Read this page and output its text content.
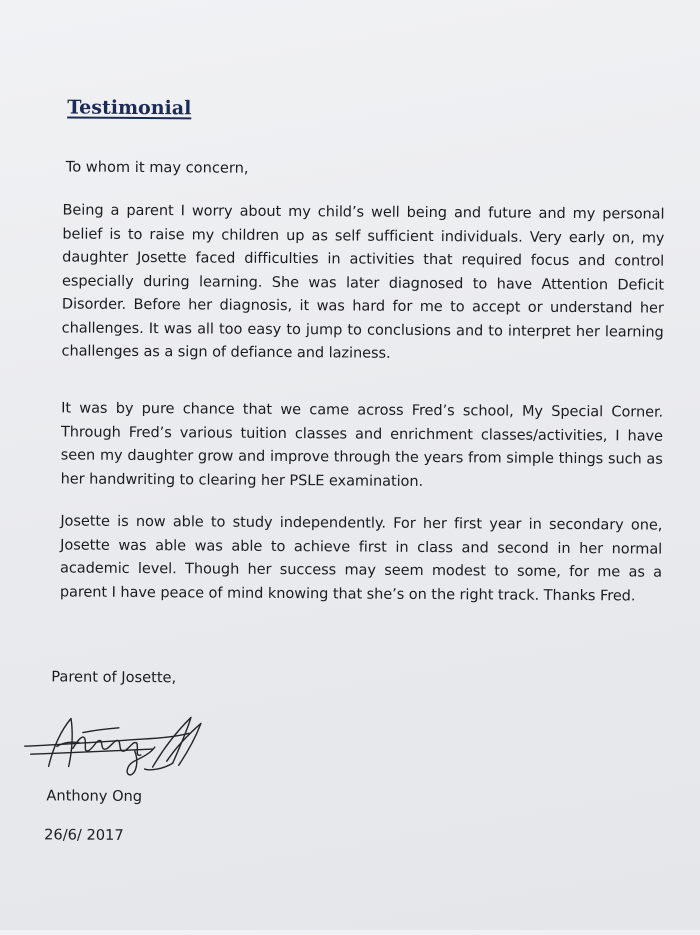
Testimonial

To whom it may concern,

Being a parent I worry about my child’s well being and future and my personal belief is to raise my children up as self sufficient individuals. Very early on, my daughter Josette faced difficulties in activities that required focus and control especially during learning. She was later diagnosed to have Attention Deficit Disorder. Before her diagnosis, it was hard for me to accept or understand her challenges. It was all too easy to jump to conclusions and to interpret her learning challenges as a sign of defiance and laziness.

It was by pure chance that we came across Fred’s school, My Special Corner. Through Fred’s various tuition classes and enrichment classes/activities, I have seen my daughter grow and improve through the years from simple things such as her handwriting to clearing her PSLE examination.

Josette is now able to study independently. For her first year in secondary one, Josette was able was able to achieve first in class and second in her normal academic level. Though her success may seem modest to some, for me as a parent I have peace of mind knowing that she’s on the right track. Thanks Fred.

Parent of Josette,

Anthony Ong

26/6/ 2017
